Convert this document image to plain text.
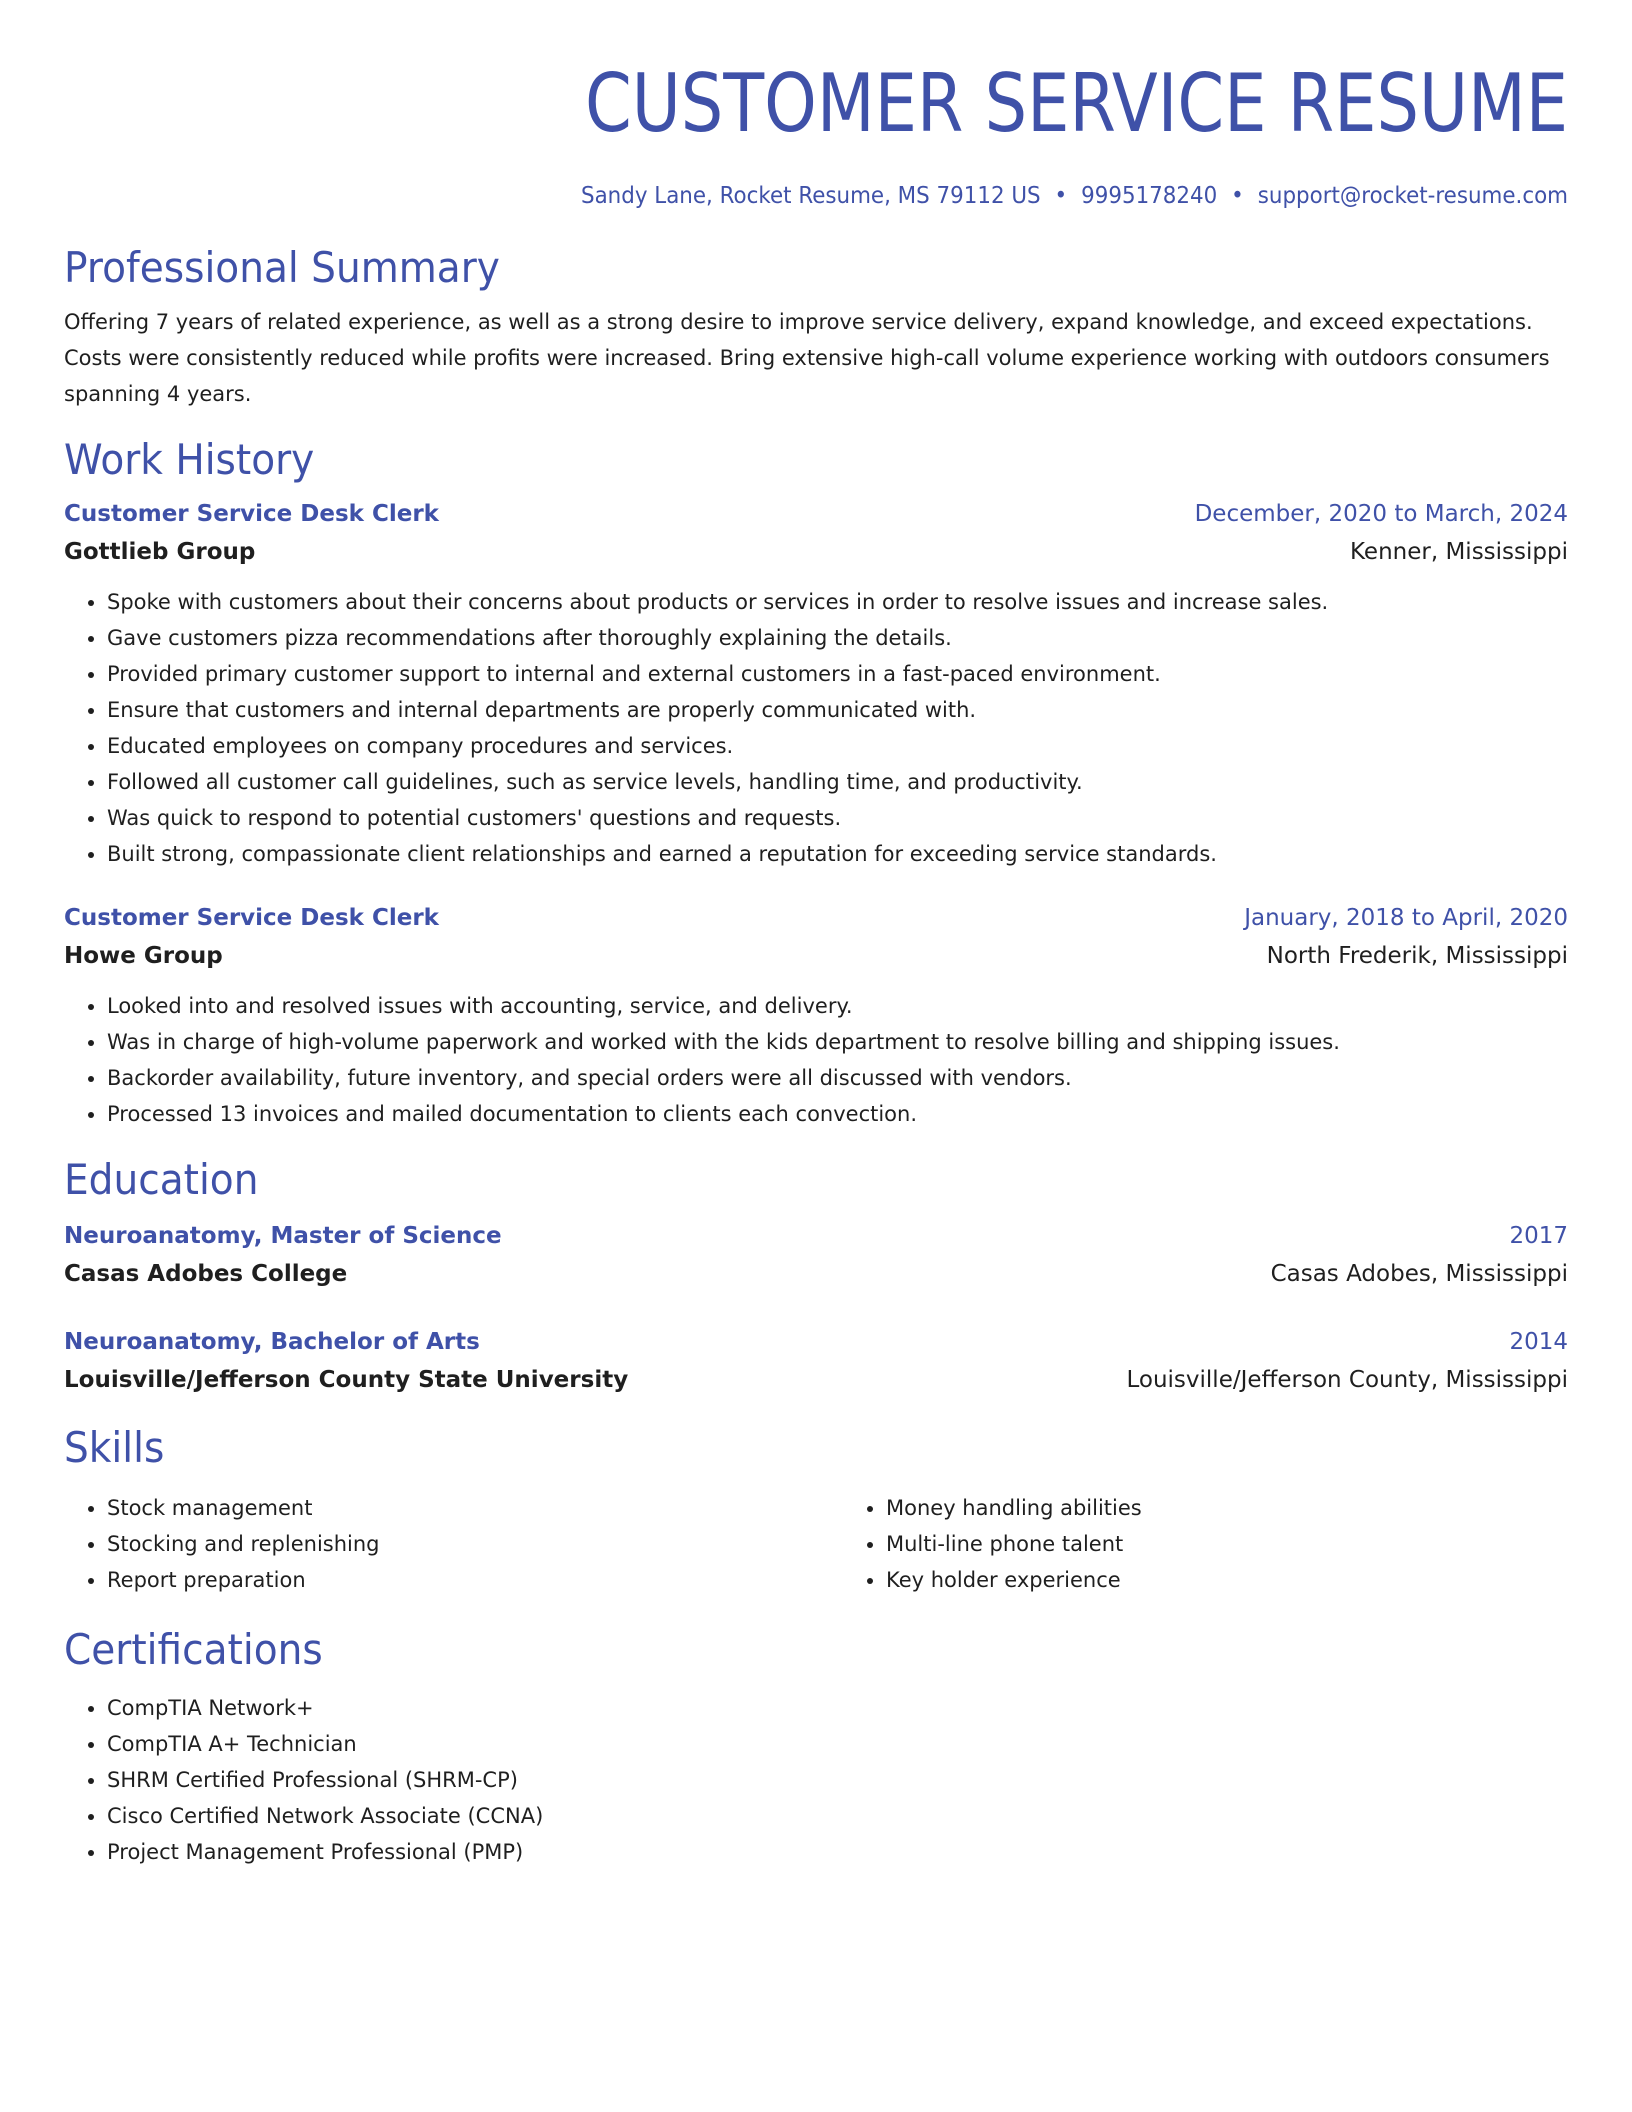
CUSTOMER SERVICE RESUME
Sandy Lane, Rocket Resume, MS 79112 US • 9995178240 • support@rocket-resume.com
Professional Summary
Offering 7 years of related experience, as well as a strong desire to improve service delivery, expand knowledge, and exceed expectations. Costs were consistently reduced while profits were increased. Bring extensive high-call volume experience working with outdoors consumers spanning 4 years.
Work History
Customer Service Desk Clerk	December, 2020 to March, 2024
Gottlieb Group	Kenner, Mississippi
• Spoke with customers about their concerns about products or services in order to resolve issues and increase sales.
• Gave customers pizza recommendations after thoroughly explaining the details.
• Provided primary customer support to internal and external customers in a fast-paced environment.
• Ensure that customers and internal departments are properly communicated with.
• Educated employees on company procedures and services.
• Followed all customer call guidelines, such as service levels, handling time, and productivity.
• Was quick to respond to potential customers' questions and requests.
• Built strong, compassionate client relationships and earned a reputation for exceeding service standards.
Customer Service Desk Clerk	January, 2018 to April, 2020
Howe Group	North Frederik, Mississippi
• Looked into and resolved issues with accounting, service, and delivery.
• Was in charge of high-volume paperwork and worked with the kids department to resolve billing and shipping issues.
• Backorder availability, future inventory, and special orders were all discussed with vendors.
• Processed 13 invoices and mailed documentation to clients each convection.
Education
Neuroanatomy, Master of Science	2017
Casas Adobes College	Casas Adobes, Mississippi
Neuroanatomy, Bachelor of Arts	2014
Louisville/Jefferson County State University	Louisville/Jefferson County, Mississippi
Skills
• Stock management
• Stocking and replenishing
• Report preparation
• Money handling abilities
• Multi-line phone talent
• Key holder experience
Certifications
• CompTIA Network+
• CompTIA A+ Technician
• SHRM Certified Professional (SHRM-CP)
• Cisco Certified Network Associate (CCNA)
• Project Management Professional (PMP)
